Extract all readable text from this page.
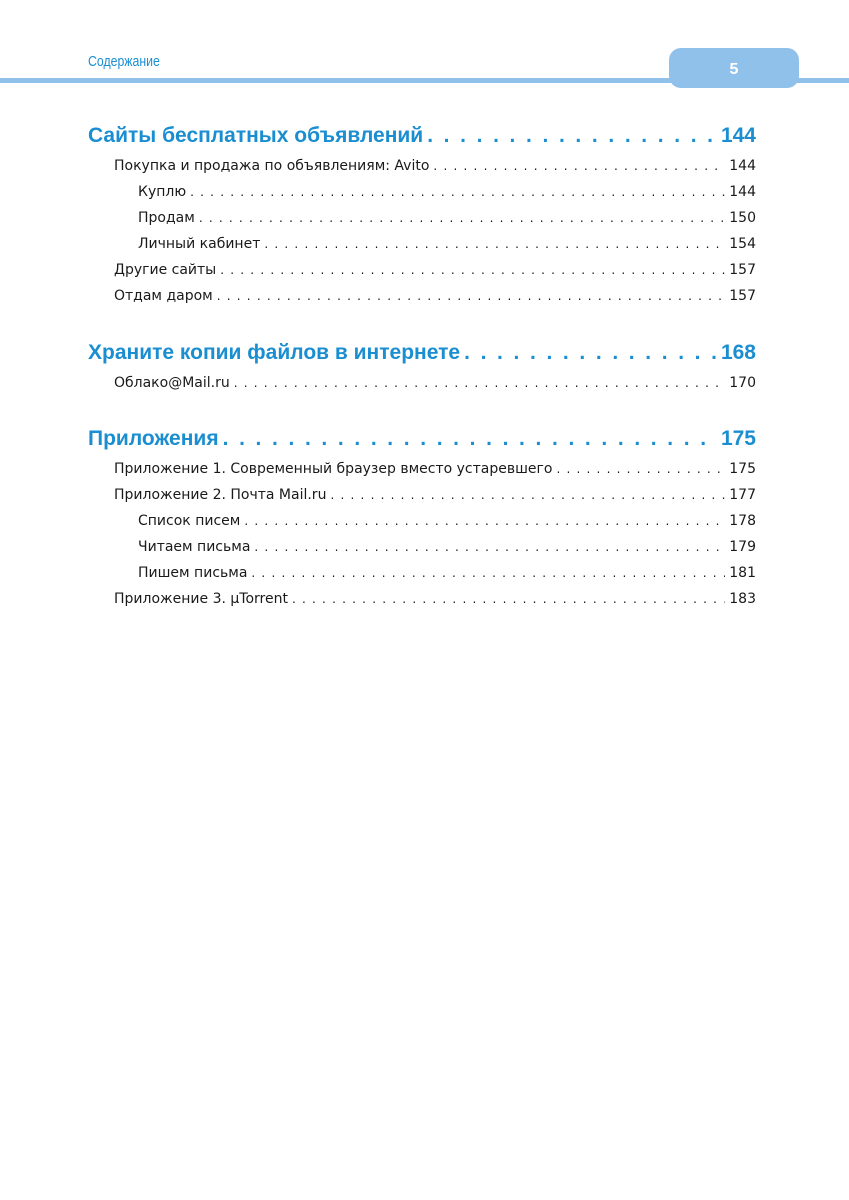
Содержание	5
Сайты бесплатных объявлений . . .	144
Покупка и продажа по объявлениям: Avito . . .	144
Куплю . . .	144
Продам . . .	150
Личный кабинет . . .	154
Другие сайты . . .	157
Отдам даром . . .	157
Храните копии файлов в интернете . . .	168
Облако@Mail.ru . . .	170
Приложения . . .	175
Приложение 1. Современный браузер вместо устаревшего . . .	175
Приложение 2. Почта Mail.ru . . .	177
Список писем . . .	178
Читаем письма . . .	179
Пишем письма . . .	181
Приложение 3. µTorrent . . .	183
